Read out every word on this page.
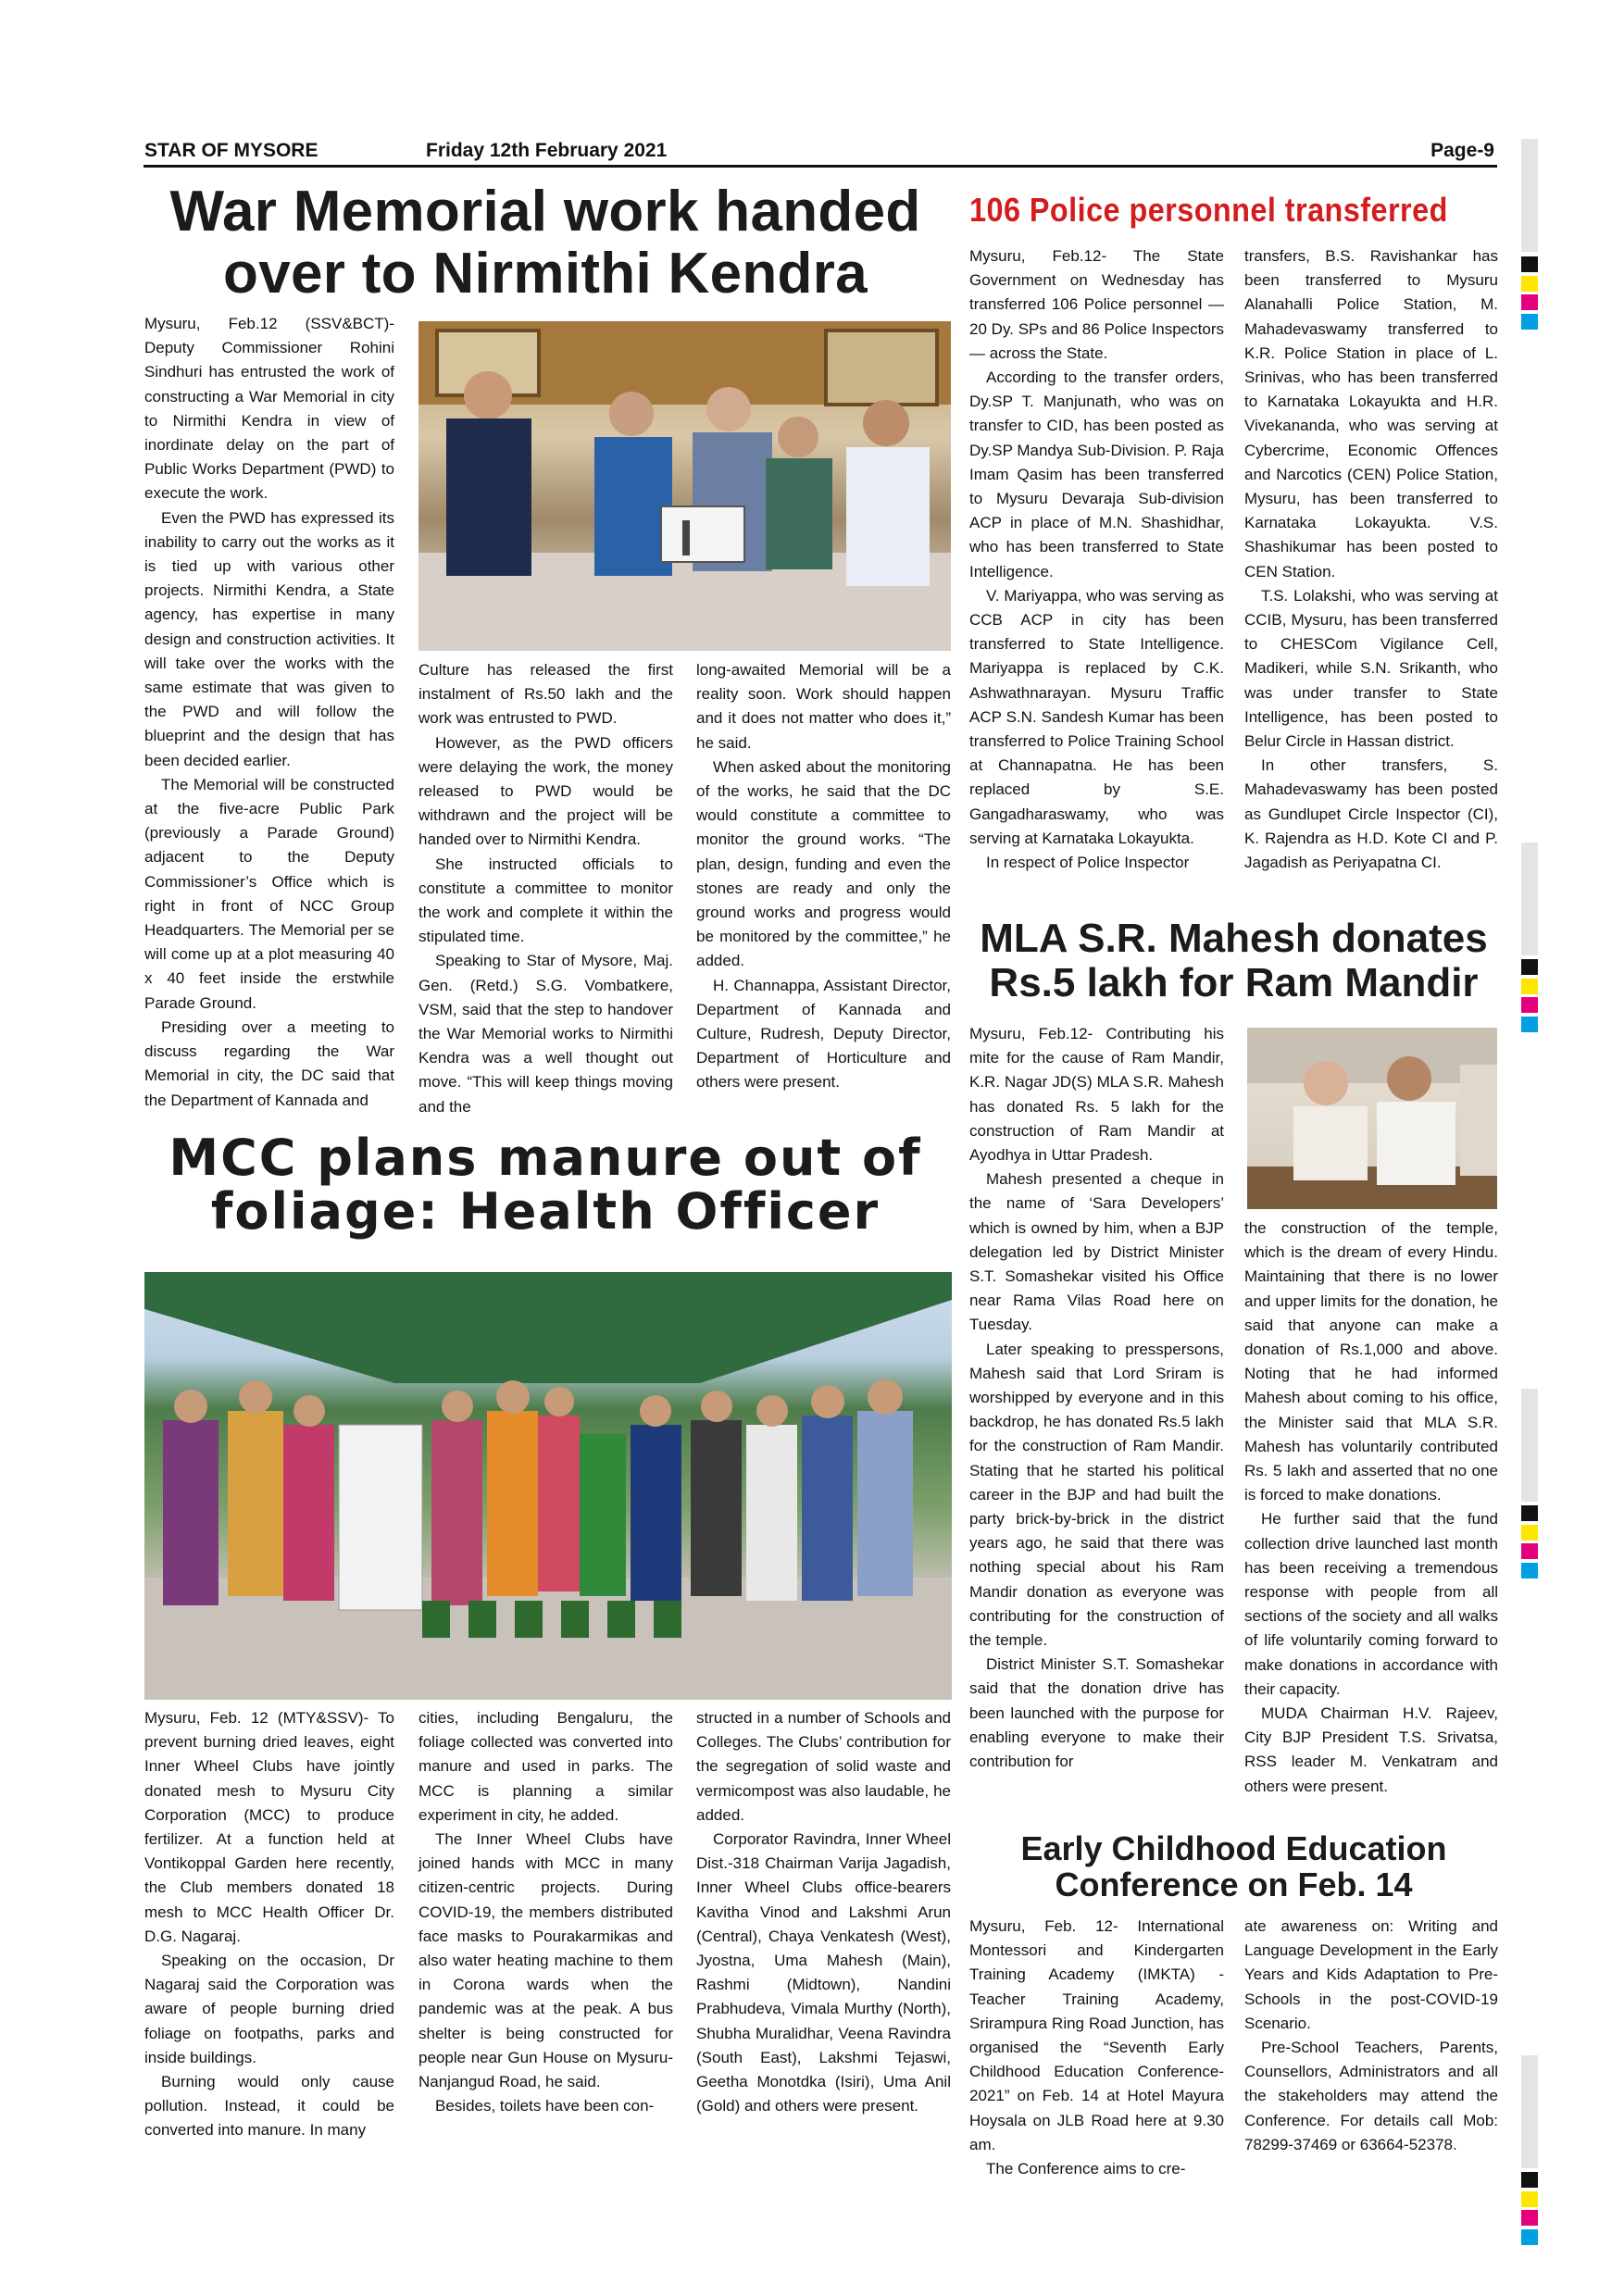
STAR OF MYSORE	Friday 12th February 2021	Page-9
War Memorial work handed
over to Nirmithi Kendra

Mysuru, Feb.12 (SSV&BCT)- Deputy Commissioner Rohini Sindhuri has entrusted the work of constructing a War Memorial in city to Nirmithi Kendra in view of inordinate delay on the part of Public Works Department (PWD) to execute the work.

Even the PWD has expressed its inability to carry out the works as it is tied up with various other projects. Nirmithi Kendra, a State agency, has expertise in many design and construction activities. It will take over the works with the same estimate that was given to the PWD and will follow the blueprint and the design that has been decided earlier.

The Memorial will be constructed at the five-acre Public Park (previously a Parade Ground) adjacent to the Deputy Commissioner’s Office which is right in front of NCC Group Headquarters. The Memorial per se will come up at a plot measuring 40 x 40 feet inside the erstwhile Parade Ground.

Presiding over a meeting to discuss regarding the War Memorial in city, the DC said that the Department of Kannada and

Culture has released the first instalment of Rs.50 lakh and the work was entrusted to PWD.

However, as the PWD officers were delaying the work, the money released to PWD would be withdrawn and the project will be handed over to Nirmithi Kendra.

She instructed officials to constitute a committee to monitor the work and complete it within the stipulated time.

Speaking to Star of Mysore, Maj. Gen. (Retd.) S.G. Vombatkere, VSM, said that the step to handover the War Memorial works to Nirmithi Kendra was a well thought out move. “This will keep things moving and the

long-awaited Memorial will be a reality soon. Work should happen and it does not matter who does it,” he said.

When asked about the monitoring of the works, he said that the DC would constitute a committee to monitor the ground works. “The plan, design, funding and even the stones are ready and only the ground works and progress would be monitored by the committee,” he added.

H. Channappa, Assistant Director, Department of Kannada and Culture, Rudresh, Deputy Director, Department of Horticulture and others were present.

MCC plans manure out of
foliage: Health Officer

Mysuru, Feb. 12 (MTY&SSV)- To prevent burning dried leaves, eight Inner Wheel Clubs have jointly donated mesh to Mysuru City Corporation (MCC) to produce fertilizer. At a function held at Vontikoppal Garden here recently, the Club members donated 18 mesh to MCC Health Officer Dr. D.G. Nagaraj.

Speaking on the occasion, Dr Nagaraj said the Corporation was aware of people burning dried foliage on footpaths, parks and inside buildings.

Burning would only cause pollution. Instead, it could be converted into manure. In many

cities, including Bengaluru, the foliage collected was converted into manure and used in parks. The MCC is planning a similar experiment in city, he added.

The Inner Wheel Clubs have joined hands with MCC in many citizen-centric projects. During COVID-19, the members distributed face masks to Pourakarmikas and also water heating machine to them in Corona wards when the pandemic was at the peak. A bus shelter is being constructed for people near Gun House on Mysuru-Nanjangud Road, he said.

Besides, toilets have been con-

structed in a number of Schools and Colleges. The Clubs’ contribution for the segregation of solid waste and vermicompost was also laudable, he added.

Corporator Ravindra, Inner Wheel Dist.-318 Chairman Varija Jagadish, Inner Wheel Clubs office-bearers Kavitha Vinod and Lakshmi Arun (Central), Chaya Venkatesh (West), Jyostna, Uma Mahesh (Main), Rashmi (Midtown), Nandini Prabhudeva, Vimala Murthy (North), Shubha Muralidhar, Veena Ravindra (South East), Lakshmi Tejaswi, Geetha Monotdka (Isiri), Uma Anil (Gold) and others were present.

106 Police personnel transferred

Mysuru, Feb.12- The State Government on Wednesday has transferred 106 Police personnel — 20 Dy. SPs and 86 Police Inspectors — across the State.

According to the transfer orders, Dy.SP T. Manjunath, who was on transfer to CID, has been posted as Dy.SP Mandya Sub-Division. P. Raja Imam Qasim has been transferred to Mysuru Devaraja Sub-division ACP in place of M.N. Shashidhar, who has been transferred to State Intelligence.

V. Mariyappa, who was serving as CCB ACP in city has been transferred to State Intelligence. Mariyappa is replaced by C.K. Ashwathnarayan. Mysuru Traffic ACP S.N. Sandesh Kumar has been transferred to Police Training School at Channapatna. He has been replaced by S.E. Gangadharaswamy, who was serving at Karnataka Lokayukta.

In respect of Police Inspector

transfers, B.S. Ravishankar has been transferred to Mysuru Alanahalli Police Station, M. Mahadevaswamy transferred to K.R. Police Station in place of L. Srinivas, who has been transferred to Karnataka Lokayukta and H.R. Vivekananda, who was serving at Cybercrime, Economic Offences and Narcotics (CEN) Police Station, Mysuru, has been transferred to Karnataka Lokayukta. V.S. Shashikumar has been posted to CEN Station.

T.S. Lolakshi, who was serving at CCIB, Mysuru, has been transferred to CHESCom Vigilance Cell, Madikeri, while S.N. Srikanth, who was under transfer to State Intelligence, has been posted to Belur Circle in Hassan district.

In other transfers, S. Mahadevaswamy has been posted as Gundlupet Circle Inspector (CI), K. Rajendra as H.D. Kote CI and P. Jagadish as Periyapatna CI.

MLA S.R. Mahesh donates
Rs.5 lakh for Ram Mandir

Mysuru, Feb.12- Contributing his mite for the cause of Ram Mandir, K.R. Nagar JD(S) MLA S.R. Mahesh has donated Rs. 5 lakh for the construction of Ram Mandir at Ayodhya in Uttar Pradesh.

Mahesh presented a cheque in the name of ‘Sara Developers’ which is owned by him, when a BJP delegation led by District Minister S.T. Somashekar visited his Office near Rama Vilas Road here on Tuesday.

Later speaking to presspersons, Mahesh said that Lord Sriram is worshipped by everyone and in this backdrop, he has donated Rs.5 lakh for the construction of Ram Mandir. Stating that he started his political career in the BJP and had built the party brick-by-brick in the district years ago, he said that there was nothing special about his Ram Mandir donation as everyone was contributing for the construction of the temple.

District Minister S.T. Somashekar said that the donation drive has been launched with the purpose for enabling everyone to make their contribution for

the construction of the temple, which is the dream of every Hindu. Maintaining that there is no lower and upper limits for the donation, he said that anyone can make a donation of Rs.1,000 and above. Noting that he had informed Mahesh about coming to his office, the Minister said that MLA S.R. Mahesh has voluntarily contributed Rs. 5 lakh and asserted that no one is forced to make donations.

He further said that the fund collection drive launched last month has been receiving a tremendous response with people from all sections of the society and all walks of life voluntarily coming forward to make donations in accordance with their capacity.

MUDA Chairman H.V. Rajeev, City BJP President T.S. Srivatsa, RSS leader M. Venkatram and others were present.

Early Childhood Education
Conference on Feb. 14

Mysuru, Feb. 12- International Montessori and Kindergarten Training Academy (IMKTA) - Teacher Training Academy, Srirampura Ring Road Junction, has organised the “Seventh Early Childhood Education Conference-2021” on Feb. 14 at Hotel Mayura Hoysala on JLB Road here at 9.30 am.

The Conference aims to cre-

ate awareness on: Writing and Language Development in the Early Years and Kids Adaptation to Pre-Schools in the post-COVID-19 Scenario.

Pre-School Teachers, Parents, Counsellors, Administrators and all the stakeholders may attend the Conference. For details call Mob: 78299-37469 or 63664-52378.
